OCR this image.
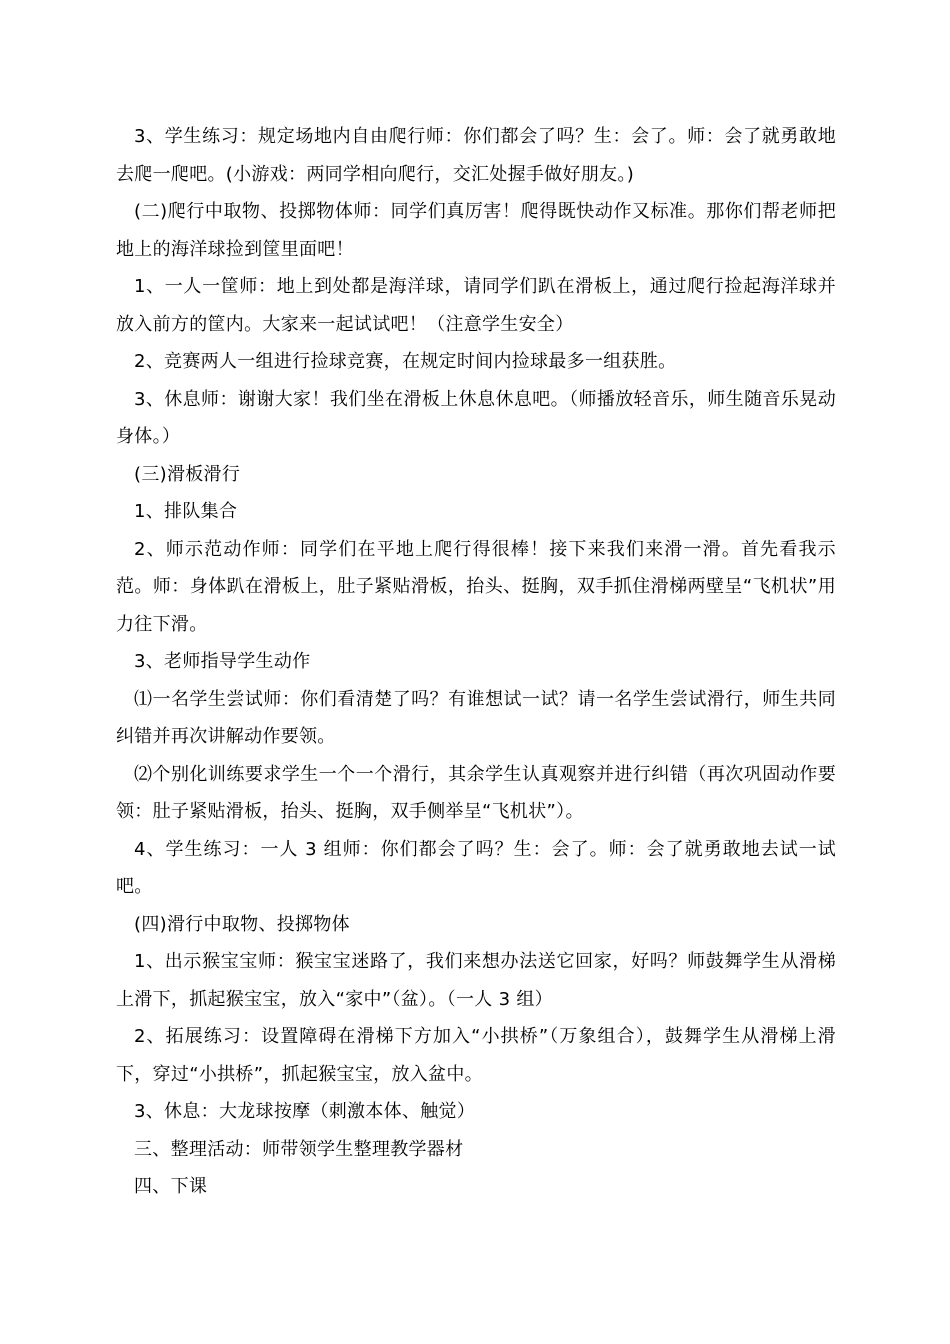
3、学生练习：规定场地内自由爬行师：你们都会了吗？生：会了。师：会了就勇敢地去爬一爬吧。(小游戏：两同学相向爬行，交汇处握手做好朋友。)

(二)爬行中取物、投掷物体师：同学们真厉害！爬得既快动作又标准。那你们帮老师把地上的海洋球捡到筐里面吧！

1、一人一筐师：地上到处都是海洋球，请同学们趴在滑板上，通过爬行捡起海洋球并放入前方的筐内。大家来一起试试吧！（注意学生安全）

2、竞赛两人一组进行捡球竞赛，在规定时间内捡球最多一组获胜。

3、休息师：谢谢大家！我们坐在滑板上休息休息吧。（师播放轻音乐，师生随音乐晃动身体。）

(三)滑板滑行

1、排队集合

2、师示范动作师：同学们在平地上爬行得很棒！接下来我们来滑一滑。首先看我示范。师：身体趴在滑板上，肚子紧贴滑板，抬头、挺胸，双手抓住滑梯两壁呈“飞机状”用力往下滑。

3、老师指导学生动作

⑴一名学生尝试师：你们看清楚了吗？有谁想试一试？请一名学生尝试滑行，师生共同纠错并再次讲解动作要领。

⑵个别化训练要求学生一个一个滑行，其余学生认真观察并进行纠错（再次巩固动作要领：肚子紧贴滑板，抬头、挺胸，双手侧举呈“飞机状”）。

4、学生练习：一人 3 组师：你们都会了吗？生：会了。师：会了就勇敢地去试一试吧。

(四)滑行中取物、投掷物体

1、出示猴宝宝师：猴宝宝迷路了，我们来想办法送它回家，好吗？师鼓舞学生从滑梯上滑下，抓起猴宝宝，放入“家中”（盆）。（一人 3 组）

2、拓展练习：设置障碍在滑梯下方加入“小拱桥”（万象组合），鼓舞学生从滑梯上滑下，穿过“小拱桥”，抓起猴宝宝，放入盆中。

3、休息：大龙球按摩（刺激本体、触觉）

三、整理活动：师带领学生整理教学器材

四、下课
